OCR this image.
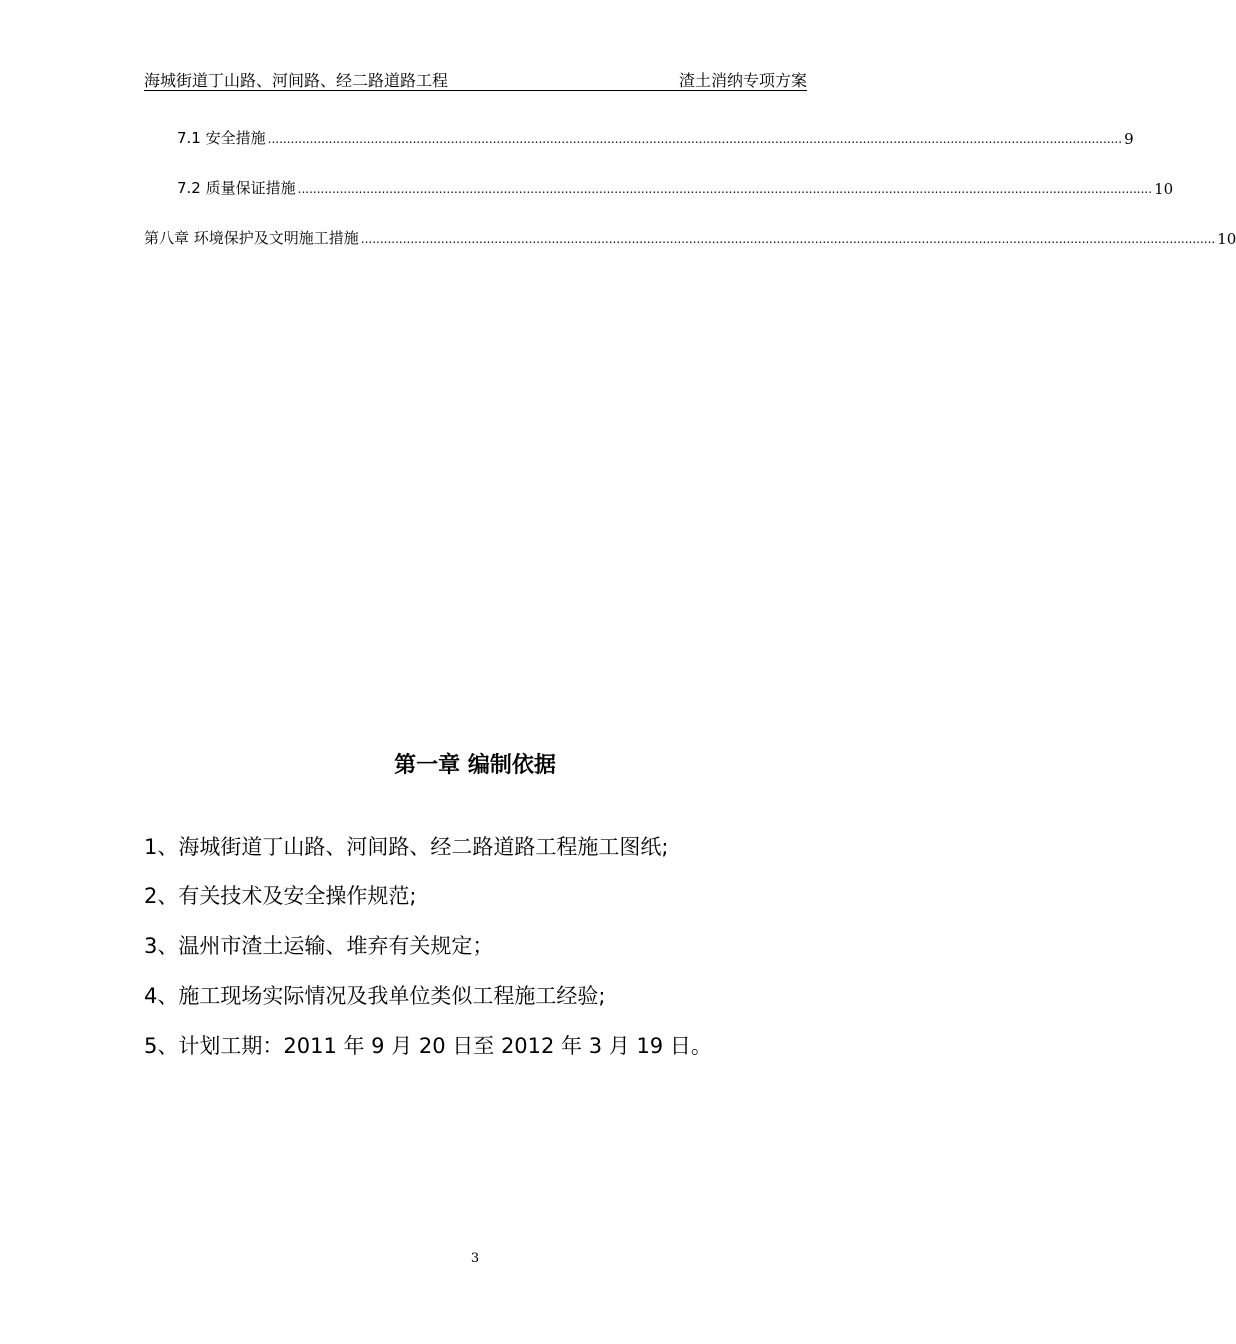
海城街道丁山路、河间路、经二路道路工程	渣土消纳专项方案
7.1 安全措施 ................................................................................................................................................................................................................................ 9
7.2 质量保证措施 ................................................................................................................................................................................................................................ 10
第八章 环境保护及文明施工措施 ................................................................................................................................................................................................................................ 10
第一章 编制依据
1、海城街道丁山路、河间路、经二路道路工程施工图纸;
2、有关技术及安全操作规范;
3、温州市渣土运输、堆弃有关规定；
4、施工现场实际情况及我单位类似工程施工经验;
5、计划工期：2011 年 9 月 20 日至 2012 年 3 月 19 日。
3
